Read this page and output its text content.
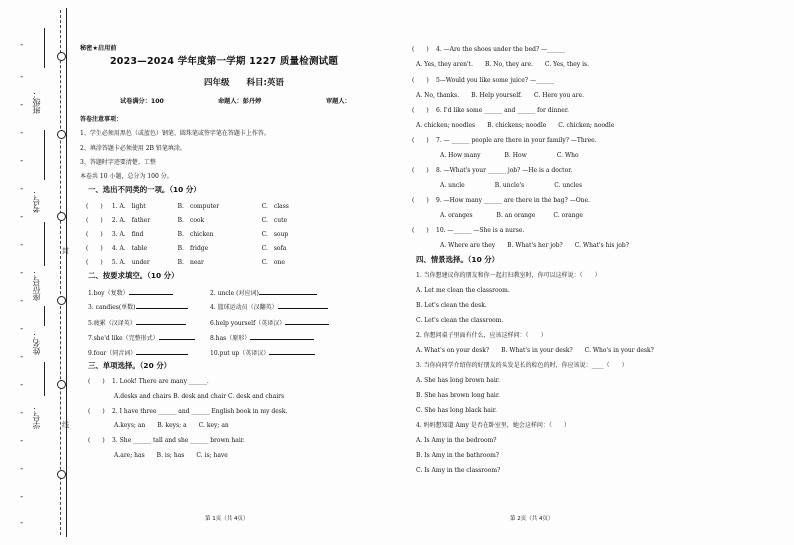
班级：
考号：
座位号：
姓名：
学号：
-
-
-
-
-
-
-
-
-
-
-
-
-
-
-
-
-
-
封
线
秘密★启用前
2023—2024 学年度第一学期 1227 质量检测试题
四年级　　科目:英语
试卷满分：100	命题人：彭丹婷	审题人：
答卷注意事项：
1、学生必须用黑色（或蓝色）钢笔、圆珠笔或签字笔在答题卡上作答。
2、填涂答题卡必须使用 2B 铅笔填涂。
3、答题时字迹要清楚、工整
本卷共 10 小题，总分为 100 分。
一、选出不同类的一项。（10 分）
(　　) 1. A. light	B.　computer	C.　class
(　　) 2. A. father	B.　cook	C.　cute
(　　) 3. A. find	B.　chicken	C.　soup
(　　) 4. A. table	B.　fridge	C.　sofa
(　　) 5. A. under	B.　near	C.　one
二、按要求填空。（10 分）
1.boy（复数）	2. uncle (对应词)
3. candies(单数)	4. 篮球运动员（汉翻英）
5.疲累（汉译英）	6.help yourself（英译汉）
7.she'd like（完整形式）	8.has（原形）
9.four（同音词）	10.put up（英译汉）
三、单项选择。（20 分）
(　　) 1. Look! There are many ______.
A.desks and chairs B. desk and chair C. desk and chairs
(　　) 2. I have three ______ and ______ English book in my desk.
A.keys; an　　B. keys; a　　C. key; an
(　　) 3. She ______ tall and she ______ brown hair.
A.are; has　　B. is; has　　C. is; have
第 1页（共 4页）
(　　) 4. —Are the shoes under the bed? —______
A. Yes, they aren't.　　B. No, they are.　　C. Yes, they is.
(　　) 5—Would you like some juice? —______
A. No, thanks.　　B. Help yourself.　　C. Here you are.
(　　) 6. I'd like some ______ and ______ for dinner.
A. chicken; noodles　　B. chickens; noodle　　C. chicken; noodle
(　　) 7. — ______ people are there in your family? —Three.
A. How many　　　　B. How　　　　　C. Who
(　　) 8. —What's your ______ job? —He is a doctor.
A. uncle　　　　　B. uncle's　　　　　C. uncles
(　　) 9. —How many ______ are there in the bag? —One.
A. oranges　　　　B. an orange　　　C. orange
(　　) 10. —______ —She is a nurse.
A. Where are they　　B. What's her job?　　C. What's his job?
四、情景选择。（10 分）
1. 当你想建议你的朋友和你一起打扫教室时，你可以这样说：（　　）
A. Let me clean the classroom.
B. Let's clean the desk.
C. Let's clean the classroom.
2. 你想问桌子里面有什么，应该这样问：（　　）
A. What's on your desk?　　B. What's in your desk?　　C. Who's in your desk?
3. 当你向同学介绍你的好朋友的头发是长的棕色的时，你应该说：____（　　）
A. She has long brown hair.
B. She has brown long hair.
C. She has long black hair.
4. 妈妈想知道 Amy 是否在卧室里，她会这样问：（　　）
A. Is Amy in the bedroom?
B. Is Amy in the bathroom?
C. Is Amy in the classroom?
第 2页（共 4页）
